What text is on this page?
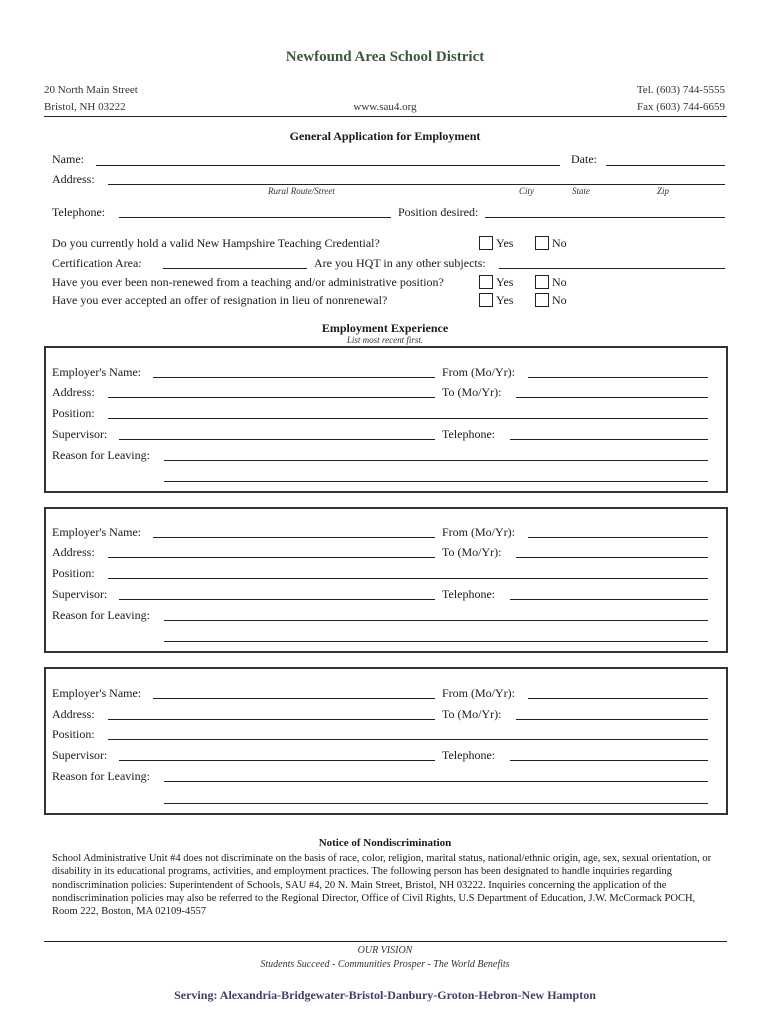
Newfound Area School District
20 North Main Street
Bristol, NH 03222	www.sau4.org
Tel. (603) 744-5555
Fax (603) 744-6659
General Application for Employment
Name:	Date:
Address:
Rural Route/Street	City	State	Zip
Telephone:	Position desired:
Do you currently hold a valid New Hampshire Teaching Credential?	Yes	No
Certification Area:	Are you HQT in any other subjects:
Have you ever been non-renewed from a teaching and/or administrative position?	Yes	No
Have you ever accepted an offer of resignation in lieu of nonrenewal?	Yes	No
Employment Experience
List most recent first.
Employer's Name:	From (Mo/Yr):
Address:	To (Mo/Yr):
Position:
Supervisor:	Telephone:
Reason for Leaving:
Employer's Name:	From (Mo/Yr):
Address:	To (Mo/Yr):
Position:
Supervisor:	Telephone:
Reason for Leaving:
Employer's Name:	From (Mo/Yr):
Address:	To (Mo/Yr):
Position:
Supervisor:	Telephone:
Reason for Leaving:
Notice of Nondiscrimination
School Administrative Unit #4 does not discriminate on the basis of race, color, religion, marital status, national/ethnic origin, age, sex, sexual orientation, or disability in its educational programs, activities, and employment practices. The following person has been designated to handle inquiries regarding nondiscrimination policies: Superintendent of Schools, SAU #4, 20 N. Main Street, Bristol, NH 03222. Inquiries concerning the application of the nondiscrimination policies may also be referred to the Regional Director, Office of Civil Rights, U.S Department of Education, J.W. McCormack POCH, Room 222, Boston, MA 02109-4557
OUR VISION
Students Succeed - Communities Prosper - The World Benefits
Serving: Alexandria-Bridgewater-Bristol-Danbury-Groton-Hebron-New Hampton
